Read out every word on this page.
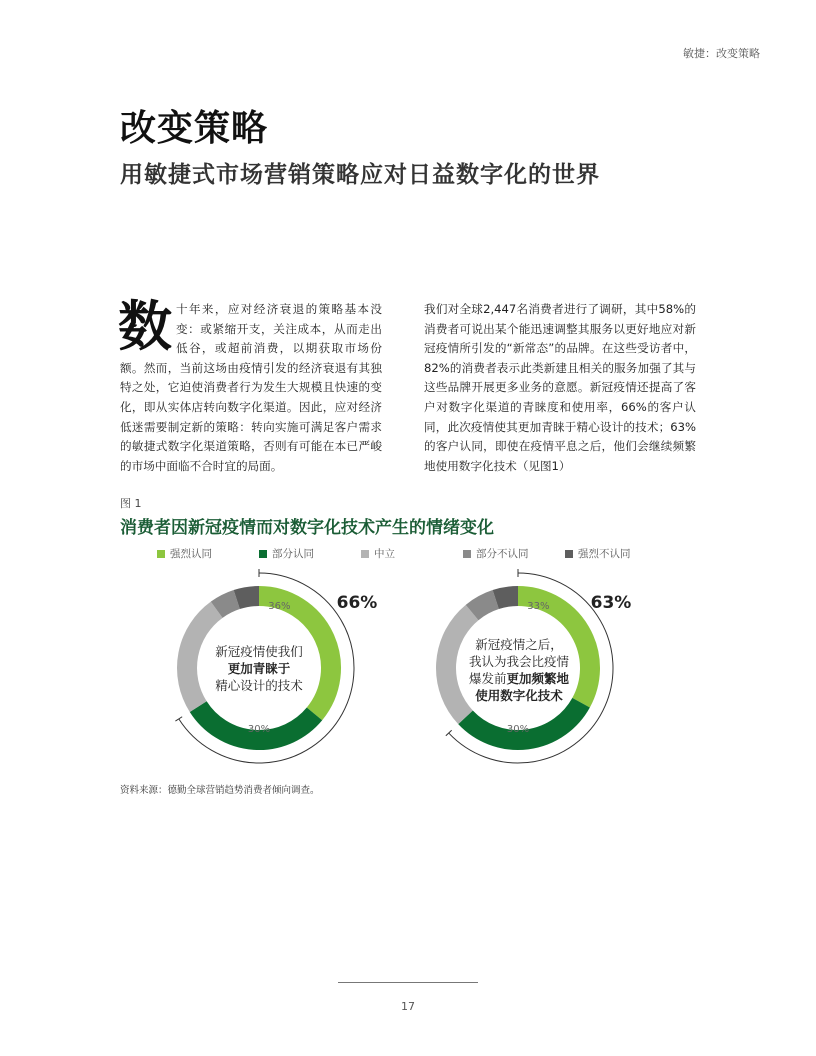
敏捷：改变策略
改变策略
用敏捷式市场营销策略应对日益数字化的世界

数十年来，应对经济衰退的策略基本没变：或紧缩开支，关注成本，从而走出低谷，或超前消费，以期获取市场份额。然而，当前这场由疫情引发的经济衰退有其独特之处，它迫使消费者行为发生大规模且快速的变化，即从实体店转向数字化渠道。因此，应对经济低迷需要制定新的策略：转向实施可满足客户需求的敏捷式数字化渠道策略，否则有可能在本已严峻的市场中面临不合时宜的局面。

我们对全球2,447名消费者进行了调研，其中58%的消费者可说出某个能迅速调整其服务以更好地应对新冠疫情所引发的“新常态”的品牌。在这些受访者中，82%的消费者表示此类新建且相关的服务加强了其与这些品牌开展更多业务的意愿。新冠疫情还提高了客户对数字化渠道的青睐度和使用率，66%的客户认同，此次疫情使其更加青睐于精心设计的技术；63%的客户认同，即使在疫情平息之后，他们会继续频繁地使用数字化技术（见图1）

图 1
消费者因新冠疫情而对数字化技术产生的情绪变化
强烈认同	部分认同	中立	部分不认同	强烈不认同
36%
30%
66%	33%
30%
63%
新冠疫情使我们
更加青睐于
精心设计的技术
新冠疫情之后，
我认为我会比疫情
爆发前更加频繁地
使用数字化技术
资料来源：德勤全球营销趋势消费者倾向调查。
17
